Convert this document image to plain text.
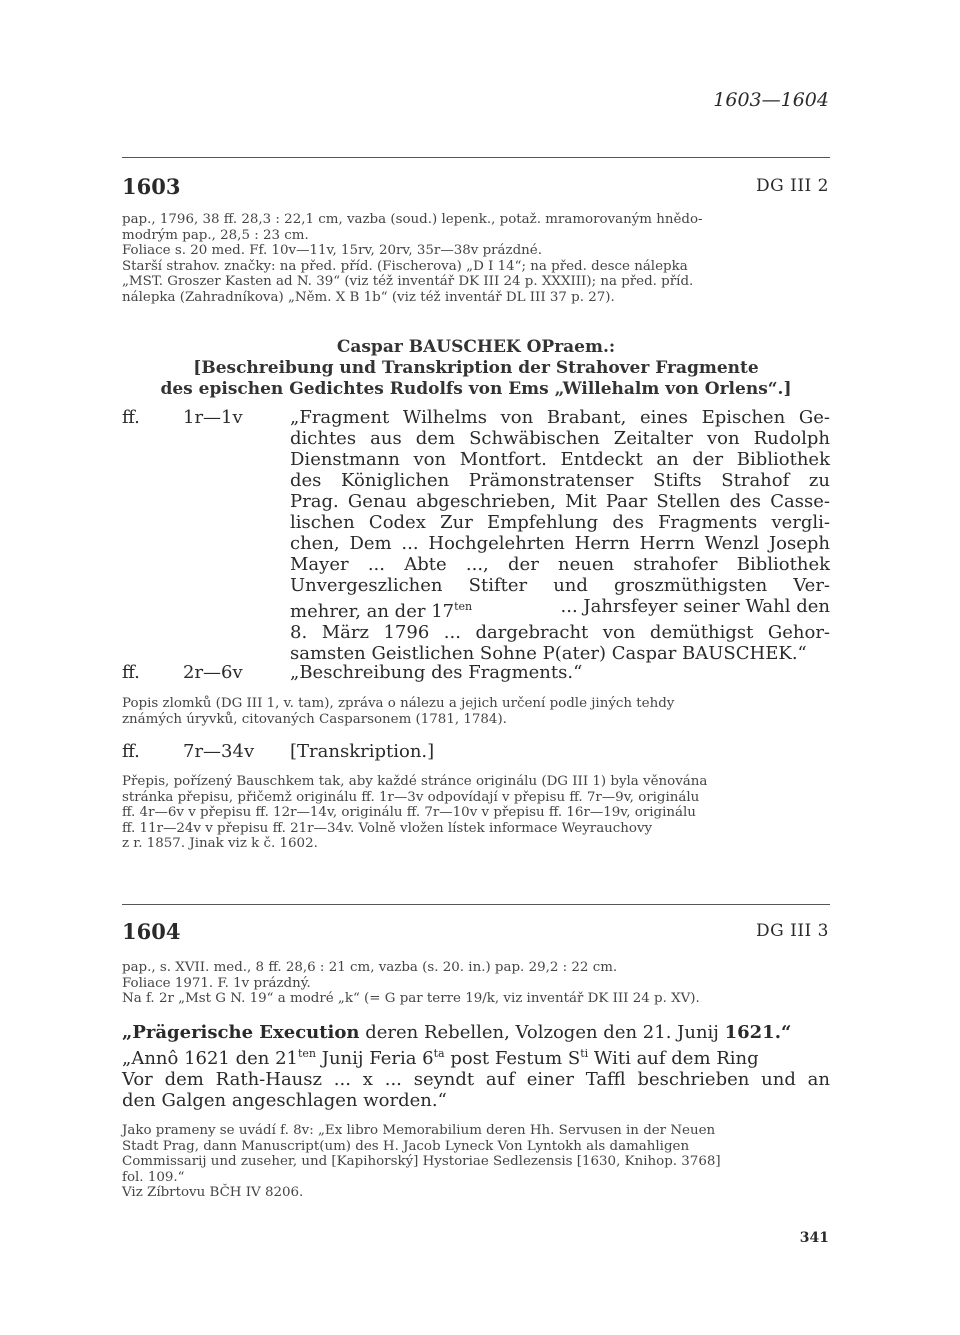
1603—1604
1603	DG III 2
pap., 1796, 38 ff. 28,3 : 22,1 cm, vazba (soud.) lepenk., potaž. mramorovaným hnědo-
modrým pap., 28,5 : 23 cm.
Foliace s. 20 med. Ff. 10v—11v, 15rv, 20rv, 35r—38v prázdné.
Starší strahov. značky: na před. příd. (Fischerova) „D I 14“; na před. desce nálepka
„MST. Groszer Kasten ad N. 39“ (viz též inventář DK III 24 p. XXXIII); na před. příd.
nálepka (Zahradníkova) „Něm. X B 1b“ (viz též inventář DL III 37 p. 27).
Caspar BAUSCHEK OPraem.:
[Beschreibung und Transkription der Strahover Fragmente
des epischen Gedichtes Rudolfs von Ems „Willehalm von Orlens“.]
ff. 1r—1v	„Fragment Wilhelms von Brabant, eines Epischen Ge-
dichtes aus dem Schwäbischen Zeitalter von Rudolph
Dienstmann von Montfort. Entdeckt an der Bibliothek
des Königlichen Prämonstratenser Stifts Strahof zu
Prag. Genau abgeschrieben, Mit Paar Stellen des Casse-
lischen Codex Zur Empfehlung des Fragments vergli-
chen, Dem ... Hochgelehrten Herrn Herrn Wenzl Joseph
Mayer ... Abte ..., der neuen strahofer Bibliothek
Unvergeszlichen Stifter und groszmüthigsten Ver-
mehrer, an der $17^{ten}$	... Jahrsfeyer seiner Wahl den
8. März 1796 ... dargebracht von demüthigst Gehor-
samsten Geistlichen Sohne P(ater) Caspar BAUSCHEK.“
ff. 2r—6v	„Beschreibung des Fragments.“
Popis zlomků (DG III 1, v. tam), zpráva o nálezu a jejich určení podle jiných tehdy
známých úryvků, citovaných Casparsonem (1781, 1784).
ff. 7r—34v [Transkription.]
Přepis, pořízený Bauschkem tak, aby každé stránce originálu (DG III 1) byla věnována
stránka přepisu, přičemž originálu ff. 1r—3v odpovídají v přepisu ff. 7r—9v, originálu
ff. 4r—6v v přepisu ff. 12r—14v, originálu ff. 7r—10v v přepisu ff. 16r—19v, originálu
ff. 11r—24v v přepisu ff. 21r—34v. Volně vložen lístek informace Weyrauchovy
z r. 1857. Jinak viz k č. 1602.
1604	DG III 3
pap., s. XVII. med., 8 ff. 28,6 : 21 cm, vazba (s. 20. in.) pap. 29,2 : 22 cm.
Foliace 1971. F. 1v prázdný.
Na f. 2r „Mst G N. 19“ a modré „k“ (= G par terre 19/k, viz inventář DK III 24 p. XV).
„Prägerische Execution deren Rebellen, Volzogen den 21. Junij 1621.“
„Annô 1621 den $21^{ten}$ Junij Feria $6^{ta}$ post Festum $S^{ti}$ Witi auf dem Ring
Vor dem Rath-Hausz ... x ... seyndt auf einer Taffl beschrieben und an
den Galgen angeschlagen worden.“
Jako prameny se uvádí f. 8v: „Ex libro Memorabilium deren Hh. Servusen in der Neuen
Stadt Prag, dann Manuscript(um) des H. Jacob Lyneck Von Lyntokh als damahligen
Commissarij und zuseher, und [Kapihorský] Hystoriae Sedlezensis [1630, Knihop. 3768]
fol. 109.“
Viz Zíbrtovu BČH IV 8206.
341
